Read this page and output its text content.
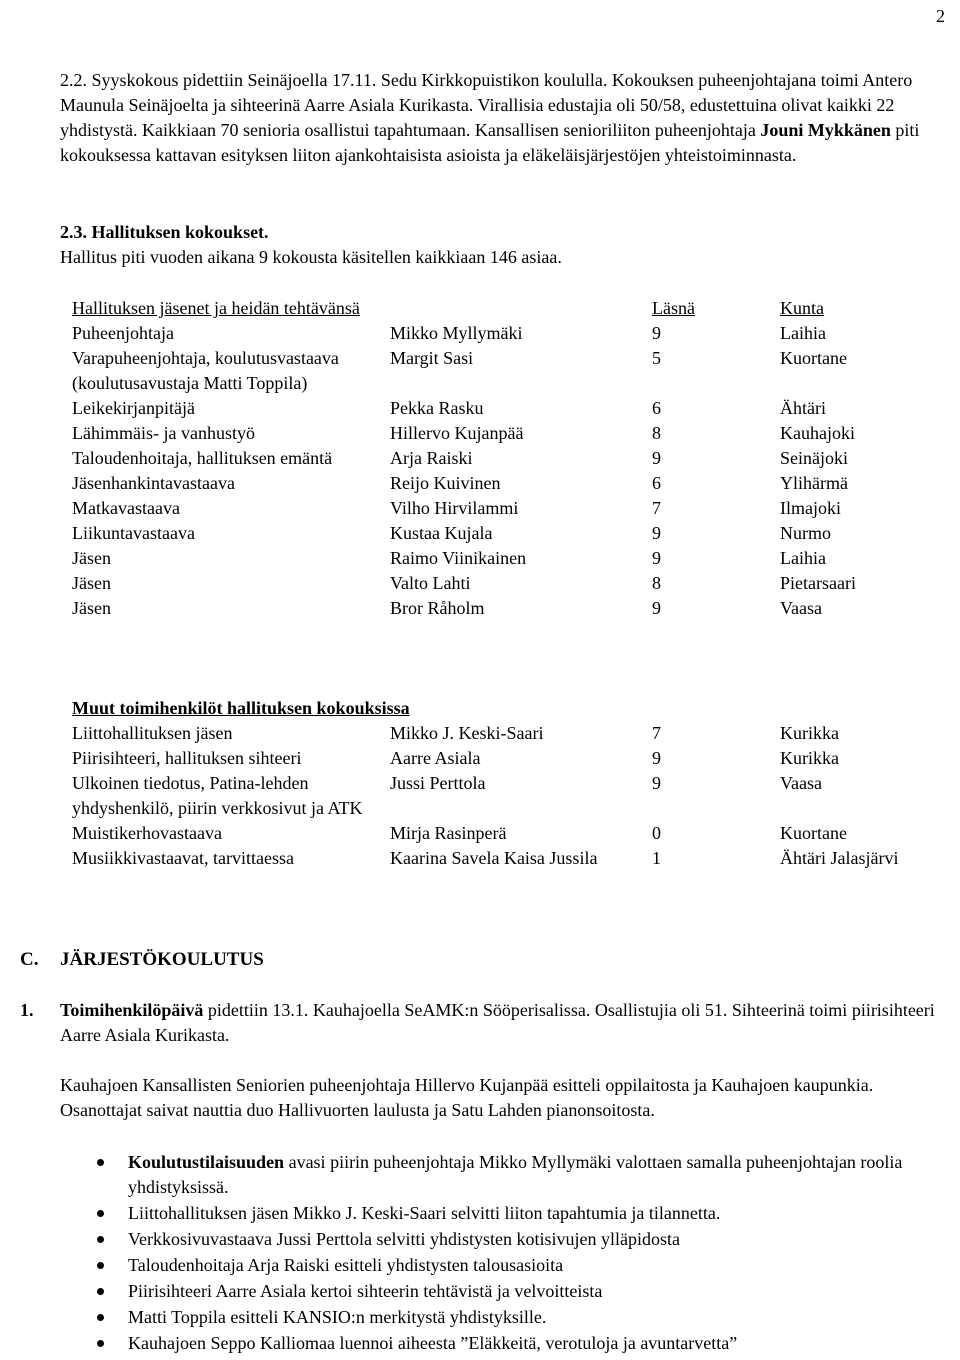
2

2.2. Syyskokous pidettiin Seinäjoella 17.11. Sedu Kirkkopuistikon koululla. Kokouksen puheenjohtajana toimi Antero Maunula Seinäjoelta ja sihteerinä Aarre Asiala Kurikasta. Virallisia edustajia oli 50/58, edustettuina olivat kaikki 22 yhdistystä. Kaikkiaan 70 senioria osallistui tapahtumaan. Kansallisen senioriliiton puheenjohtaja Jouni Mykkänen piti kokouksessa kattavan esityksen liiton ajankohtaisista asioista ja eläkeläisjärjestöjen yhteistoiminnasta.

2.3. Hallituksen kokoukset.

Hallitus piti vuoden aikana 9 kokousta käsitellen kaikkiaan 146 asiaa.

Hallituksen jäsenet ja heidän tehtävänsä		Läsnä	Kunta
Puheenjohtaja	Mikko Myllymäki	9	Laihia
Varapuheenjohtaja, koulutusvastaava (koulutusavustaja Matti Toppila)	Margit Sasi	5	Kuortane
Leikekirjanpitäjä	Pekka Rasku	6	Ähtäri
Lähimmäis- ja vanhustyö	Hillervo Kujanpää	8	Kauhajoki
Taloudenhoitaja, hallituksen emäntä	Arja Raiski	9	Seinäjoki
Jäsenhankintavastaava	Reijo Kuivinen	6	Ylihärmä
Matkavastaava	Vilho Hirvilammi	7	Ilmajoki
Liikuntavastaava	Kustaa Kujala	9	Nurmo
Jäsen	Raimo Viinikainen	9	Laihia
Jäsen	Valto Lahti	8	Pietarsaari
Jäsen	Bror Råholm	9	Vaasa
Muut toimihenkilöt hallituksen kokouksissa			
Liittohallituksen jäsen	Mikko J. Keski-Saari	7	Kurikka
Piirisihteeri, hallituksen sihteeri	Aarre Asiala	9	Kurikka
Ulkoinen tiedotus, Patina-lehden yhdyshenkilö, piirin verkkosivut ja ATK	Jussi Perttola	9	Vaasa
Muistikerhovastaava	Mirja Rasinperä	0	Kuortane
Musiikkivastaavat, tarvittaessa	Kaarina Savela Kaisa Jussila	1	Ähtäri Jalasjärvi
C. JÄRJESTÖKOULUTUS
1. Toimihenkilöpäivä pidettiin 13.1. Kauhajoella SeAMK:n Sööperisalissa. Osallistujia oli 51. Sihteerinä toimi piirisihteeri Aarre Asiala Kurikasta.

Kauhajoen Kansallisten Seniorien puheenjohtaja Hillervo Kujanpää esitteli oppilaitosta ja Kauhajoen kaupunkia. Osanottajat saivat nauttia duo Hallivuorten laulusta ja Satu Lahden pianonsoitosta.

Koulutustilaisuuden avasi piirin puheenjohtaja Mikko Myllymäki valottaen samalla puheenjohtajan roolia yhdistyksissä.
Liittohallituksen jäsen Mikko J. Keski-Saari selvitti liiton tapahtumia ja tilannetta.
Verkkosivuvastaava Jussi Perttola selvitti yhdistysten kotisivujen ylläpidosta
Taloudenhoitaja Arja Raiski esitteli yhdistysten talousasioita
Piirisihteeri Aarre Asiala kertoi sihteerin tehtävistä ja velvoitteista
Matti Toppila esitteli KANSIO:n merkitystä yhdistyksille.
Kauhajoen Seppo Kalliomaa luennoi aiheesta ”Eläkkeitä, verotuloja ja avuntarvetta”
